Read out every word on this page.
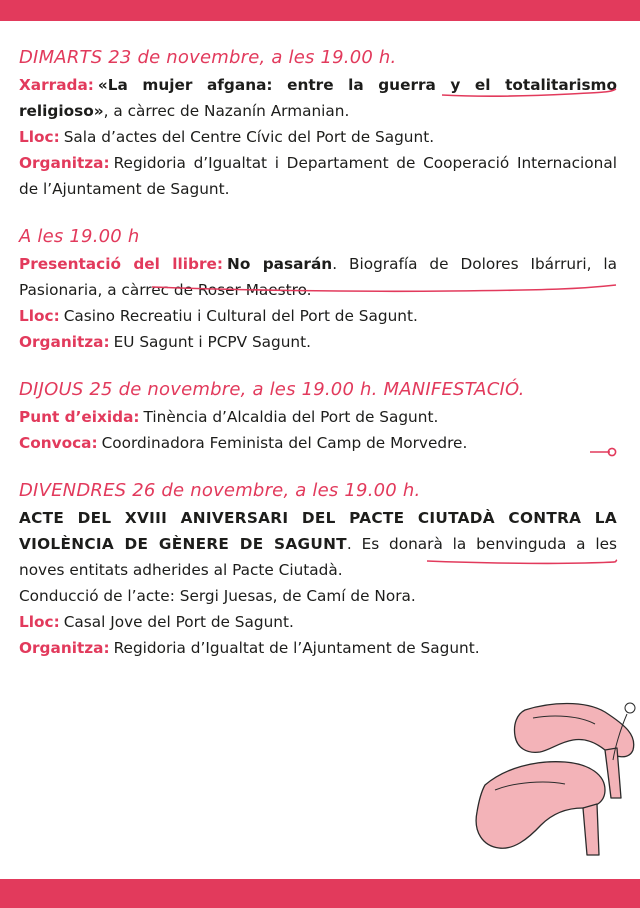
DIMARTS 23 de novembre, a les 19.00 h.
Xarrada: «La mujer afgana: entre la guerra y el totalitarismo religioso», a càrrec de Nazanín Armanian.
Lloc: Sala d’actes del Centre Cívic del Port de Sagunt.
Organitza: Regidoria d’Igualtat i Departament de Cooperació Internacional de l’Ajuntament de Sagunt.
A les 19.00 h
Presentació del llibre: No pasarán. Biografía de Dolores Ibárruri, la Pasionaria, a càrrec de Roser Maestro.
Lloc: Casino Recreatiu i Cultural del Port de Sagunt.
Organitza: EU Sagunt i PCPV Sagunt.
DIJOUS 25 de novembre, a les 19.00 h. MANIFESTACIÓ.
Punt d’eixida: Tinència d’Alcaldia del Port de Sagunt.
Convoca: Coordinadora Feminista del Camp de Morvedre.
DIVENDRES 26 de novembre, a les 19.00 h.
ACTE DEL XVIII ANIVERSARI DEL PACTE CIUTADÀ CONTRA LA VIOLÈNCIA DE GÈNERE DE SAGUNT. Es donarà la benvinguda a les noves entitats adherides al Pacte Ciutadà.
Conducció de l’acte: Sergi Juesas, de Camí de Nora.
Lloc: Casal Jove del Port de Sagunt.
Organitza: Regidoria d’Igualtat de l’Ajuntament de Sagunt.
